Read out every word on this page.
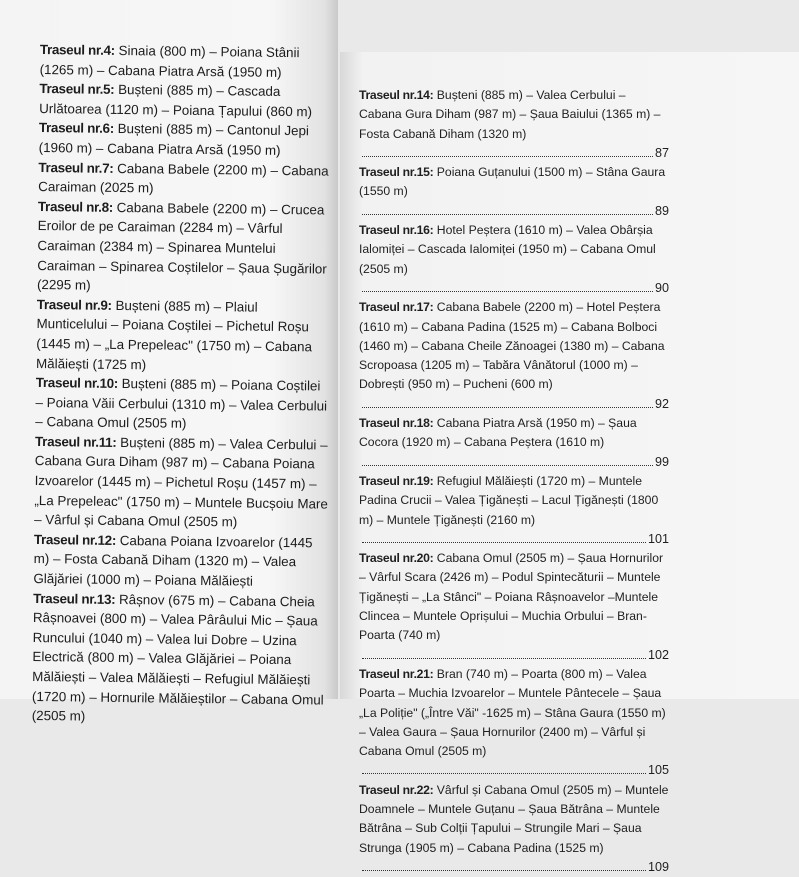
Traseul nr.4: Sinaia (800 m) – Poiana Stânii (1265 m) – Cabana Piatra Arsă (1950 m)

Traseul nr.5: Bușteni (885 m) – Cascada Urlătoarea (1120 m) – Poiana Țapului (860 m)

Traseul nr.6: Bușteni (885 m) – Cantonul Jepi (1960 m) – Cabana Piatra Arsă (1950 m)

Traseul nr.7: Cabana Babele (2200 m) – Cabana Caraiman (2025 m)

Traseul nr.8: Cabana Babele (2200 m) – Crucea Eroilor de pe Caraiman (2284 m) – Vârful Caraiman (2384 m) – Spinarea Muntelui Caraiman – Spinarea Coștilelor – Șaua Șugărilor (2295 m)

Traseul nr.9: Bușteni (885 m) – Plaiul Munticelului – Poiana Coștilei – Pichetul Roșu (1445 m) – „La Prepeleac" (1750 m) – Cabana Mălăiești (1725 m)

Traseul nr.10: Bușteni (885 m) – Poiana Coștilei – Poiana Văii Cerbului (1310 m) – Valea Cerbului – Cabana Omul (2505 m)

Traseul nr.11: Bușteni (885 m) – Valea Cerbului – Cabana Gura Diham (987 m) – Cabana Poiana Izvoarelor (1445 m) – Pichetul Roșu (1457 m) – „La Prepeleac" (1750 m) – Muntele Bucșoiu Mare – Vârful și Cabana Omul (2505 m)

Traseul nr.12: Cabana Poiana Izvoarelor (1445 m) – Fosta Cabană Diham (1320 m) – Valea Glăjăriei (1000 m) – Poiana Mălăiești

Traseul nr.13: Râșnov (675 m) – Cabana Cheia Râșnoavei (800 m) – Valea Pârâului Mic – Șaua Runcului (1040 m) – Valea lui Dobre – Uzina Electrică (800 m) – Valea Glăjăriei – Poiana Mălăiești – Valea Mălăiești – Refugiul Mălăiești (1720 m) – Hornurile Mălăieștilor – Cabana Omul (2505 m)

Traseul nr.14: Bușteni (885 m) – Valea Cerbului – Cabana Gura Diham (987 m) – Șaua Baiului (1365 m) – Fosta Cabană Diham (1320 m)
87

Traseul nr.15: Poiana Guțanului (1500 m) – Stâna Gaura (1550 m)
89

Traseul nr.16: Hotel Peștera (1610 m) – Valea Obârșia Ialomiței – Cascada Ialomiței (1950 m) – Cabana Omul (2505 m)
90

Traseul nr.17: Cabana Babele (2200 m) – Hotel Peștera (1610 m) – Cabana Padina (1525 m) – Cabana Bolboci (1460 m) – Cabana Cheile Zănoagei (1380 m) – Cabana Scropoasa (1205 m) – Tabăra Vânătorul (1000 m) – Dobrești (950 m) – Pucheni (600 m)
92

Traseul nr.18: Cabana Piatra Arsă (1950 m) – Șaua Cocora (1920 m) – Cabana Peștera (1610 m)
99

Traseul nr.19: Refugiul Mălăiești (1720 m) – Muntele Padina Crucii – Valea Țigănești – Lacul Țigănești (1800 m) – Muntele Țigănești (2160 m)
101

Traseul nr.20: Cabana Omul (2505 m) – Șaua Hornurilor – Vârful Scara (2426 m) – Podul Spintecăturii – Muntele Țigănești – „La Stânci" – Poiana Râșnoavelor –Muntele Clincea – Muntele Oprișului – Muchia Orbului – Bran-Poarta (740 m)
102

Traseul nr.21: Bran (740 m) – Poarta (800 m) – Valea Poarta – Muchia Izvoarelor – Muntele Pântecele – Șaua „La Poliție" („Între Văi" -1625 m) – Stâna Gaura (1550 m) – Valea Gaura – Șaua Hornurilor (2400 m) – Vârful și Cabana Omul (2505 m)
105

Traseul nr.22: Vârful și Cabana Omul (2505 m) – Muntele Doamnele – Muntele Guțanu – Șaua Bătrâna – Muntele Bătrâna – Sub Colții Țapului – Strungile Mari – Șaua Strunga (1905 m) – Cabana Padina (1525 m)
109
